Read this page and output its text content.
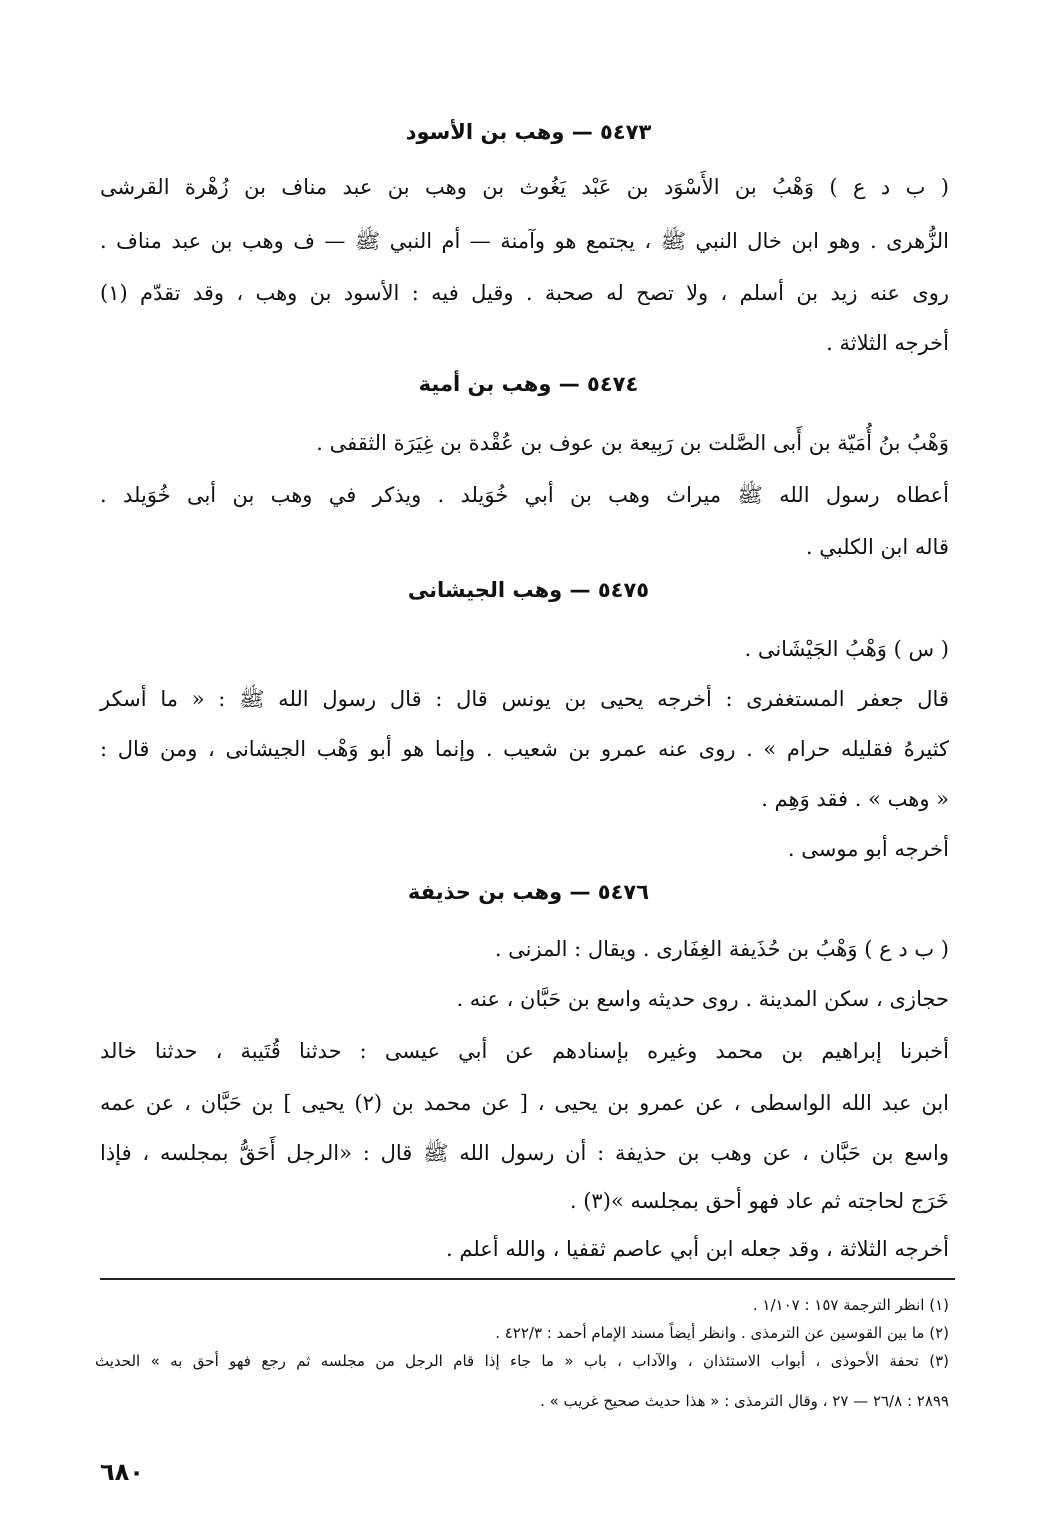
٥٤٧٣ — وهب بن الأسود
( ب د ع ) وَهْبُ بن الأَسْوَد بن عَبْد يَغُوث بن وهب بن عبد مناف بن زُهْرة القرشى
الزُّهرى . وهو ابن خال النبي ﷺ ، يجتمع هو وآمنة — أم النبي ﷺ — ف وهب بن عبد مناف .
روى عنه زيد بن أسلم ، ولا تصح له صحبة . وقيل فيه : الأسود بن وهب ، وقد تقدّم (١)
أخرجه الثلاثة .
٥٤٧٤ — وهب بن أمية
وَهْبُ بنُ أُمَيّة بن أَبى الصَّلت بن رَبِيعة بن عوف بن عُقْدة بن غِيَرَة الثقفى .
أعطاه رسول الله ﷺ ميراث وهب بن أبي خُوَيلد . ويذكر في وهب بن أبى خُوَيلد .
قاله ابن الكلبي .
٥٤٧٥ — وهب الجيشانى
( س ) وَهْبُ الجَيْشَانى .
قال جعفر المستغفرى : أخرجه يحيى بن يونس قال : قال رسول الله ﷺ : « ما أسكر
كثيرهُ فقليله حرام » . روى عنه عمرو بن شعيب . وإنما هو أبو وَهْب الجيشانى ، ومن قال :
« وهب » . فقد وَهِم .
أخرجه أبو موسى .
٥٤٧٦ — وهب بن حذيفة
( ب د ع ) وَهْبُ بن حُذَيفة الغِفَارى . ويقال : المزنى .
حجازى ، سكن المدينة . روى حديثه واسع بن حَبَّان ، عنه .
أخبرنا إبراهيم بن محمد وغيره بإسنادهم عن أبي عيسى : حدثنا قُتَيبة ، حدثنا خالد
ابن عبد الله الواسطى ، عن عمرو بن يحيى ، [ عن محمد بن (٢) يحيى ] بن حَبَّان ، عن عمه
واسع بن حَبَّان ، عن وهب بن حذيفة : أن رسول الله ﷺ قال : «الرجل أَحَقُّ بمجلسه ، فإذا
خَرَج لحاجته ثم عاد فهو أحق بمجلسه »(٣) .
أخرجه الثلاثة ، وقد جعله ابن أبي عاصم ثقفيا ، والله أعلم .
(١) انظر الترجمة ١٥٧ : ١/١٠٧ .
(٢) ما بين القوسين عن الترمذى . وانظر أيضاً مسند الإمام أحمد : ٤٢٢/٣ .
(٣) تحفة الأحوذى ، أبواب الاستئذان ، والآداب ، باب « ما جاء إذا قام الرجل من مجلسه ثم رجع فهو أحق به » الحديث
٢٨٩٩ : ٢٦/٨ — ٢٧ ، وقال الترمذى : « هذا حديث صحيح غريب » .
٦٨٠
